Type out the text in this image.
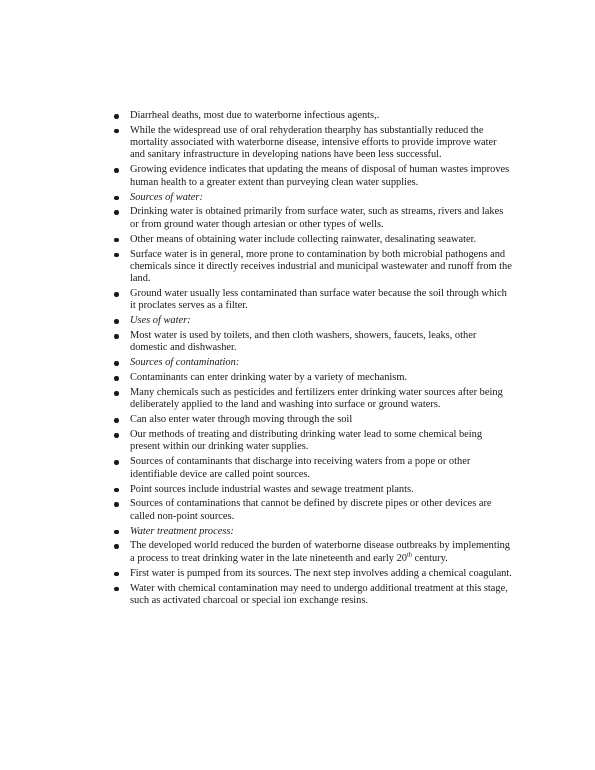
Diarrheal deaths, most due to waterborne infectious agents,.
While the widespread use of oral rehyderation thearphy has substantially reduced the mortality associated with waterborne disease, intensive efforts to provide improve water and sanitary infrastructure in developing nations have been less successful.
Growing evidence indicates that updating the means of disposal of human wastes improves human health to a greater extent than purveying clean water supplies.
Sources of water:
Drinking water is obtained primarily from surface water, such as streams, rivers and lakes or from ground water though artesian or other types of wells.
Other means of obtaining water include collecting rainwater, desalinating seawater.
Surface water is in general, more prone to contamination by both microbial pathogens and chemicals since it directly receives industrial and municipal wastewater and runoff from the land.
Ground water usually less contaminated than surface water because the soil through which it proclates serves as a filter.
Uses of water:
Most water is used by toilets, and then cloth washers, showers, faucets, leaks, other domestic and dishwasher.
Sources of contamination:
Contaminants can enter drinking water by a variety of mechanism.
Many chemicals such as pesticides and fertilizers enter drinking water sources after being deliberately applied to the land and washing into surface or ground waters.
Can also enter water through moving through the soil
Our methods of treating and distributing drinking water lead to some chemical being present within our drinking water supplies.
Sources of contaminants that discharge into receiving waters from a pope or other identifiable device are called point sources.
Point sources include industrial wastes and sewage treatment plants.
Sources of contaminations that cannot be defined by discrete pipes or other devices are called non-point sources.
Water treatment process:
The developed world reduced the burden of waterborne disease outbreaks by implementing a process to treat drinking water in the late nineteenth and early 20th century.
First water is pumped from its sources. The next step involves adding a chemical coagulant.
Water with chemical contamination may need to undergo additional treatment at this stage, such as activated charcoal or special ion exchange resins.
